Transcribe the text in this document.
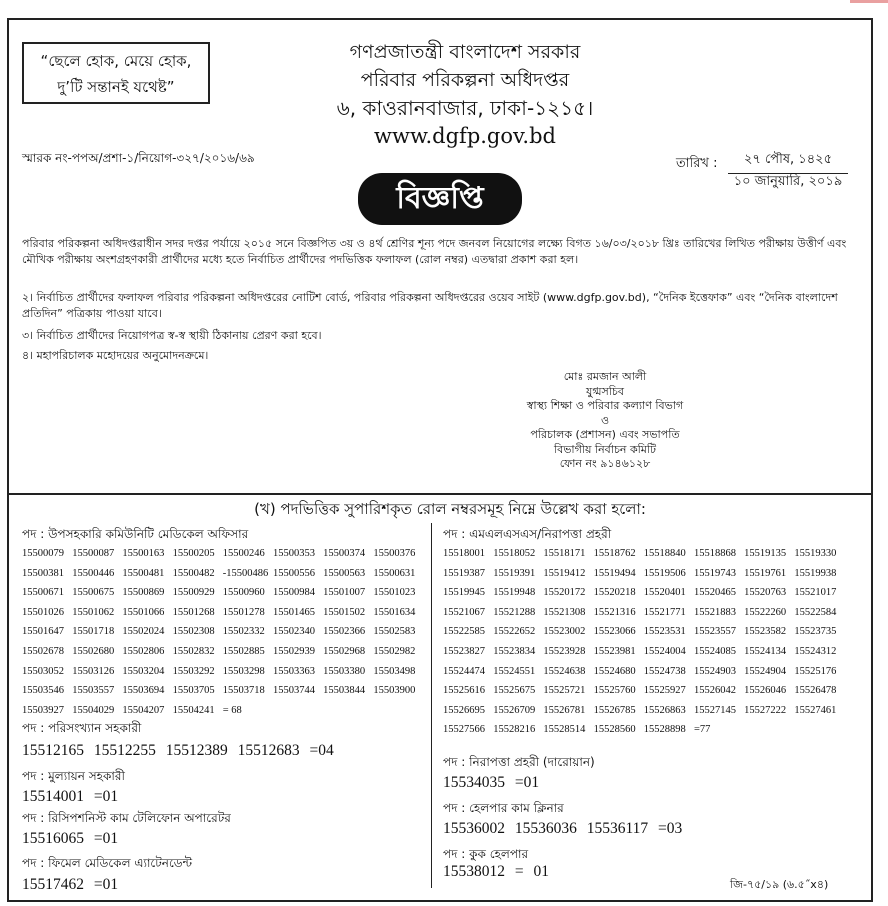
“ছেলে হোক, মেয়ে হোক,
দু’টি সন্তানই যথেষ্ট”
গণপ্রজাতন্ত্রী বাংলাদেশ সরকার
পরিবার পরিকল্পনা অধিদপ্তর
৬, কাওরানবাজার, ঢাকা-১২১৫।
www.dgfp.gov.bd
স্মারক নং-পপঅ/প্রশা-১/নিয়োগ-৩২৭/২০১৬/৬৯	তারিখ :	২৭ পৌষ, ১৪২৫
১০ জানুয়ারি, ২০১৯
বিজ্ঞপ্তি
পরিবার পরিকল্পনা অধিদপ্তরাধীন সদর দপ্তর পর্যায়ে ২০১৫ সনে বিজ্ঞপিত ৩য় ও ৪র্থ শ্রেণির শূন্য পদে জনবল নিয়োগের লক্ষ্যে বিগত ১৬/০৩/২০১৮ খ্রিঃ তারিখের লিখিত পরীক্ষায় উত্তীর্ণ এবং মৌখিক পরীক্ষায় অংশগ্রহণকারী প্রার্থীদের মধ্যে হতে নির্বাচিত প্রার্থীদের পদভিত্তিক ফলাফল (রোল নম্বর) এতদ্বারা প্রকাশ করা হল।
২। নির্বাচিত প্রার্থীদের ফলাফল পরিবার পরিকল্পনা অধিদপ্তরের নোটিশ বোর্ড, পরিবার পরিকল্পনা অধিদপ্তরের ওয়েব সাইট (www.dgfp.gov.bd), “দৈনিক ইত্তেফাক” এবং “দৈনিক বাংলাদেশ প্রতিদিন” পত্রিকায় পাওয়া যাবে।
৩। নির্বাচিত প্রার্থীদের নিয়োগপত্র স্ব-স্ব স্থায়ী ঠিকানায় প্রেরণ করা হবে।
৪। মহাপরিচালক মহোদয়ের অনুমোদনক্রমে।
মোঃ রমজান আলী
যুগ্মসচিব
স্বাস্থ্য শিক্ষা ও পরিবার কল্যাণ বিভাগ
ও
পরিচালক (প্রশাসন) এবং সভাপতি
বিভাগীয় নির্বাচন কমিটি
ফোন নং ৯১৪৬১২৮
(খ) পদভিত্তিক সুপারিশকৃত রোল নম্বরসমূহ নিম্নে উল্লেখ করা হলো:
পদ : উপসহকারি কমিউনিটি মেডিকেল অফিসার
15500079 15500087 15500163 15500205 15500246 15500353 15500374 15500376
15500381 15500446 15500481 15500482 -15500486 15500556 15500563 15500631
15500671 15500675 15500869 15500929 15500960 15500984 15501007 15501023
15501026 15501062 15501066 15501268 15501278 15501465 15501502 15501634
15501647 15501718 15502024 15502308 15502332 15502340 15502366 15502583
15502678 15502680 15502806 15502832 15502885 15502939 15502968 15502982
15503052 15503126 15503204 15503292 15503298 15503363 15503380 15503498
15503546 15503557 15503694 15503705 15503718 15503744 15503844 15503900
15503927 15504029 15504207 15504241 = 68
পদ : পরিসংখ্যান সহকারী
15512165 15512255 15512389 15512683 =04
পদ : মুল্যায়ন সহকারী
15514001 =01
পদ : রিসিপশনিস্ট কাম টেলিফোন অপারেটর
15516065 =01
পদ : ফিমেল মেডিকেল এ্যাটেনডেন্ট
15517462 =01
পদ : এমএলএসএস/নিরাপত্তা প্রহরী
15518001 15518052 15518171 15518762 15518840 15518868 15519135 15519330
15519387 15519391 15519412 15519494 15519506 15519743 15519761 15519938
15519945 15519948 15520172 15520218 15520401 15520465 15520763 15521017
15521067 15521288 15521308 15521316 15521771 15521883 15522260 15522584
15522585 15522652 15523002 15523066 15523531 15523557 15523582 15523735
15523827 15523834 15523928 15523981 15524004 15524085 15524134 15524312
15524474 15524551 15524638 15524680 15524738 15524903 15524904 15525176
15525616 15525675 15525721 15525760 15525927 15526042 15526046 15526478
15526695 15526709 15526781 15526785 15526863 15527145 15527222 15527461
15527566 15528216 15528514 15528560 15528898 =77
পদ : নিরাপত্তা প্রহরী (দারোয়ান)
15534035 =01
পদ : হেলপার কাম ক্লিনার
15536002 15536036 15536117 =03
পদ : কুক হেলপার
15538012 = 01
জি-৭৫/১৯ (৬.৫˝x৪)
